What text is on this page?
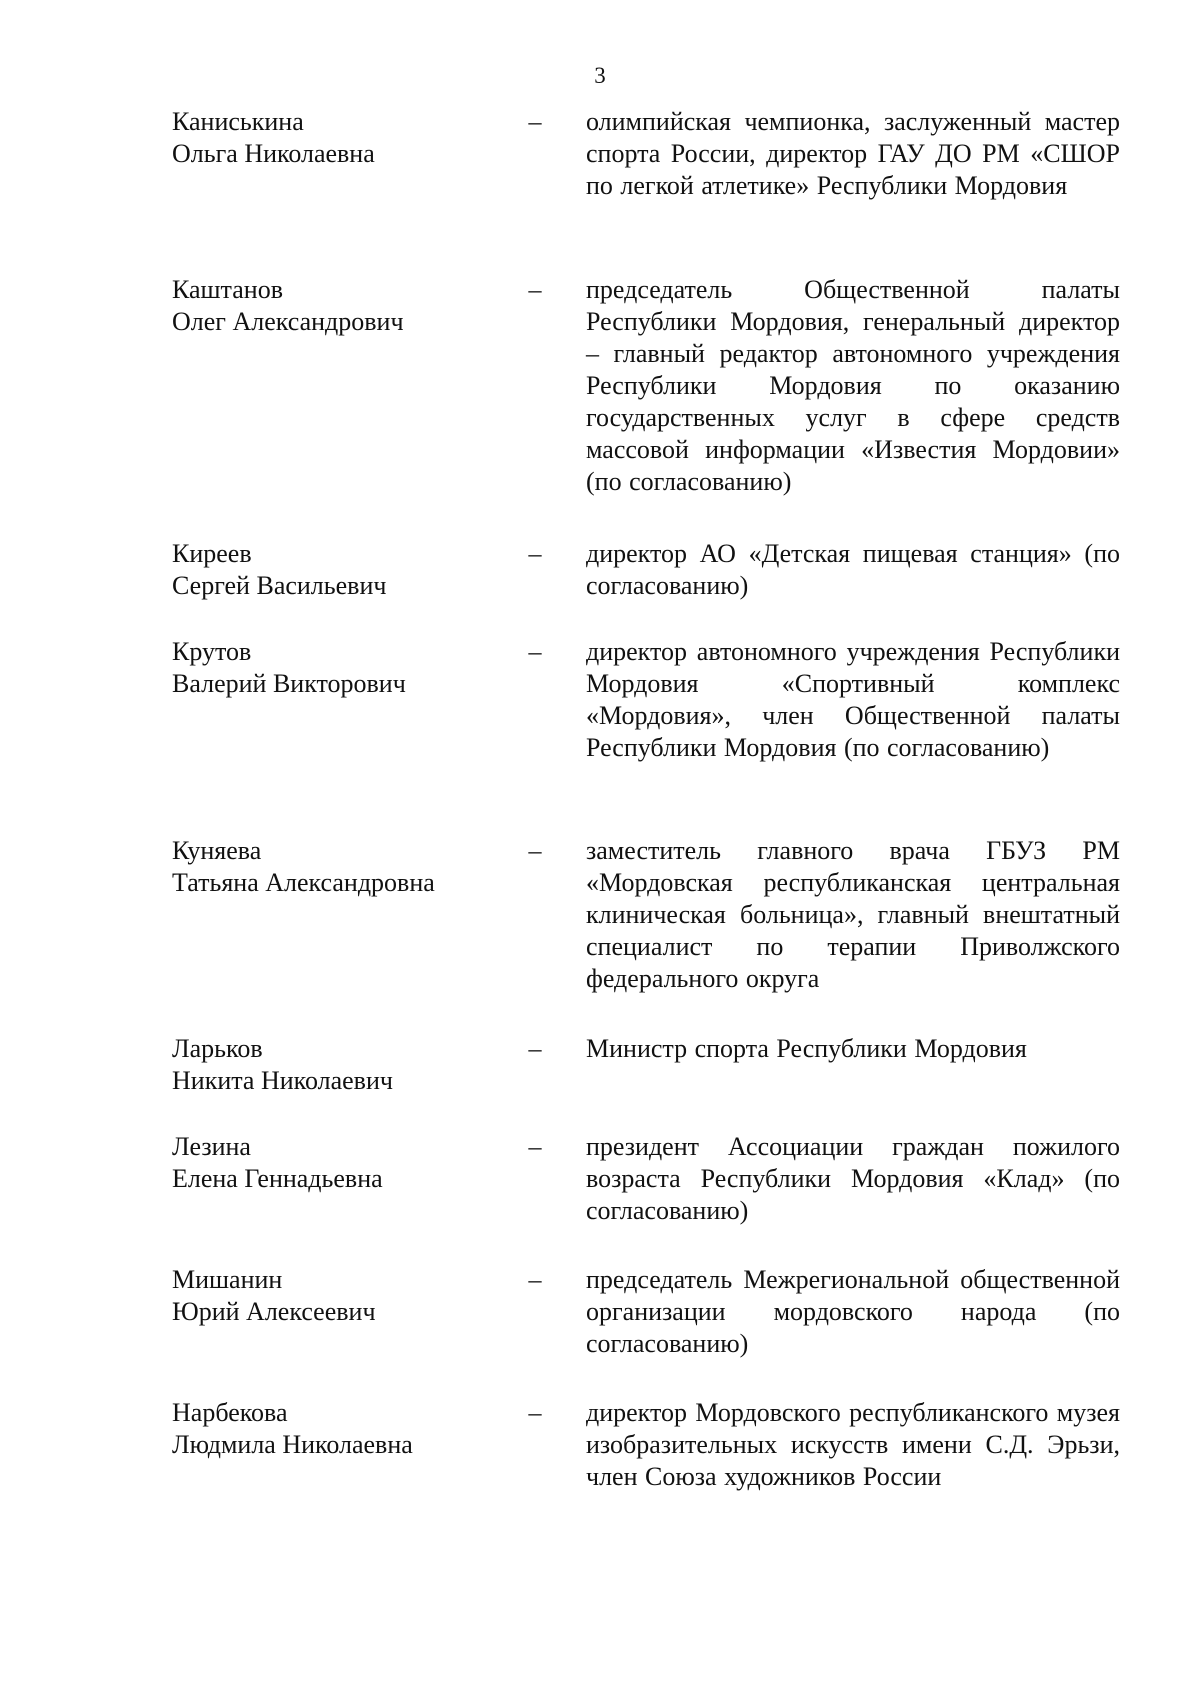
3
Каниськина
Ольга Николаевна
– олимпийская чемпионка, заслуженный мастер спорта России, директор ГАУ ДО РМ «СШОР по легкой атлетике» Республики Мордовия
Каштанов
Олег Александрович
– председатель Общественной палаты Республики Мордовия, генеральный директор – главный редактор автономного учреждения Республики Мордовия по оказанию государственных услуг в сфере средств массовой информации «Известия Мордовии» (по согласованию)
Киреев
Сергей Васильевич
– директор АО «Детская пищевая станция» (по согласованию)
Крутов
Валерий Викторович
– директор автономного учреждения Республики Мордовия «Спортивный комплекс «Мордовия», член Общественной палаты Республики Мордовия (по согласованию)
Куняева
Татьяна Александровна
– заместитель главного врача ГБУЗ РМ «Мордовская республиканская центральная клиническая больница», главный внештатный специалист по терапии Приволжского федерального округа
Ларьков
Никита Николаевич
– Министр спорта Республики Мордовия
Лезина
Елена Геннадьевна
– президент Ассоциации граждан пожилого возраста Республики Мордовия «Клад» (по согласованию)
Мишанин
Юрий Алексеевич
– председатель Межрегиональной общественной организации мордовского народа (по согласованию)
Нарбекова
Людмила Николаевна
– директор Мордовского республиканского музея изобразительных искусств имени С.Д. Эрьзи, член Союза художников России
